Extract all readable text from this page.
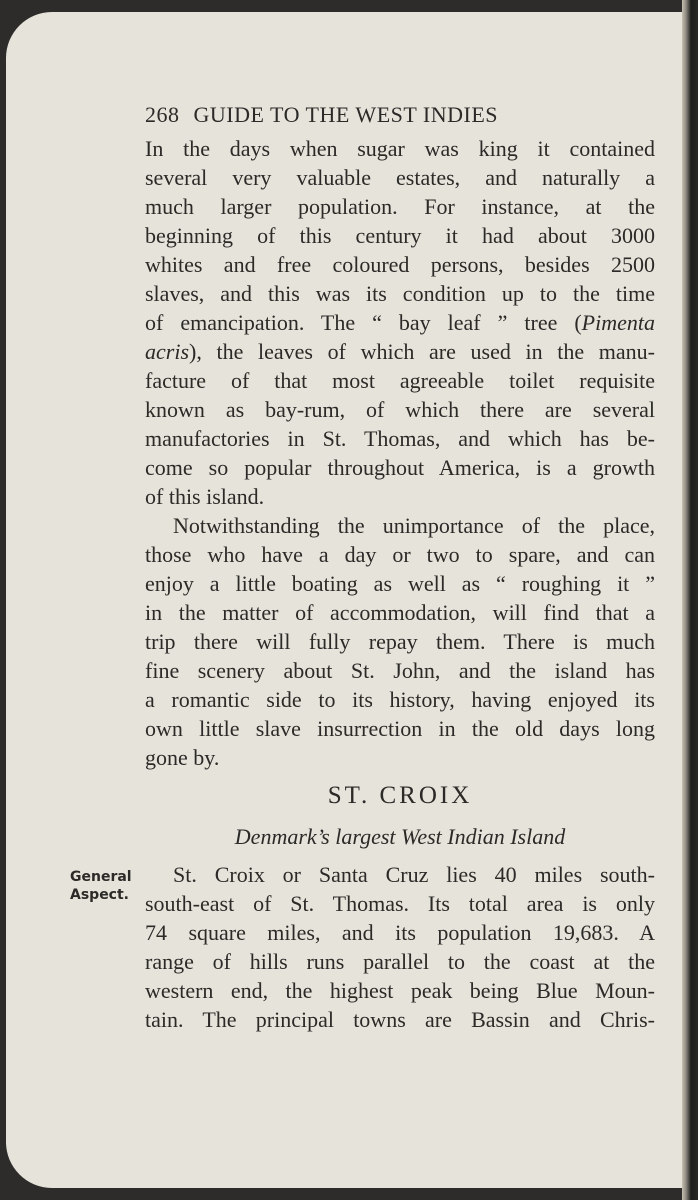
268 GUIDE TO THE WEST INDIES
In the days when sugar was king it contained
several very valuable estates, and naturally a
much larger population. For instance, at the
beginning of this century it had about 3000
whites and free coloured persons, besides 2500
slaves, and this was its condition up to the time
of emancipation. The “ bay leaf ” tree (Pimenta
acris), the leaves of which are used in the manu-
facture of that most agreeable toilet requisite
known as bay-rum, of which there are several
manufactories in St. Thomas, and which has be-
come so popular throughout America, is a growth
of this island.
Notwithstanding the unimportance of the place,
those who have a day or two to spare, and can
enjoy a little boating as well as “ roughing it ”
in the matter of accommodation, will find that a
trip there will fully repay them. There is much
fine scenery about St. John, and the island has
a romantic side to its history, having enjoyed its
own little slave insurrection in the old days long
gone by.
ST. CROIX
Denmark’s largest West Indian Island
St. Croix or Santa Cruz lies 40 miles south-
south-east of St. Thomas. Its total area is only
74 square miles, and its population 19,683. A
range of hills runs parallel to the coast at the
western end, the highest peak being Blue Moun-
tain. The principal towns are Bassin and Chris-
General
Aspect.
